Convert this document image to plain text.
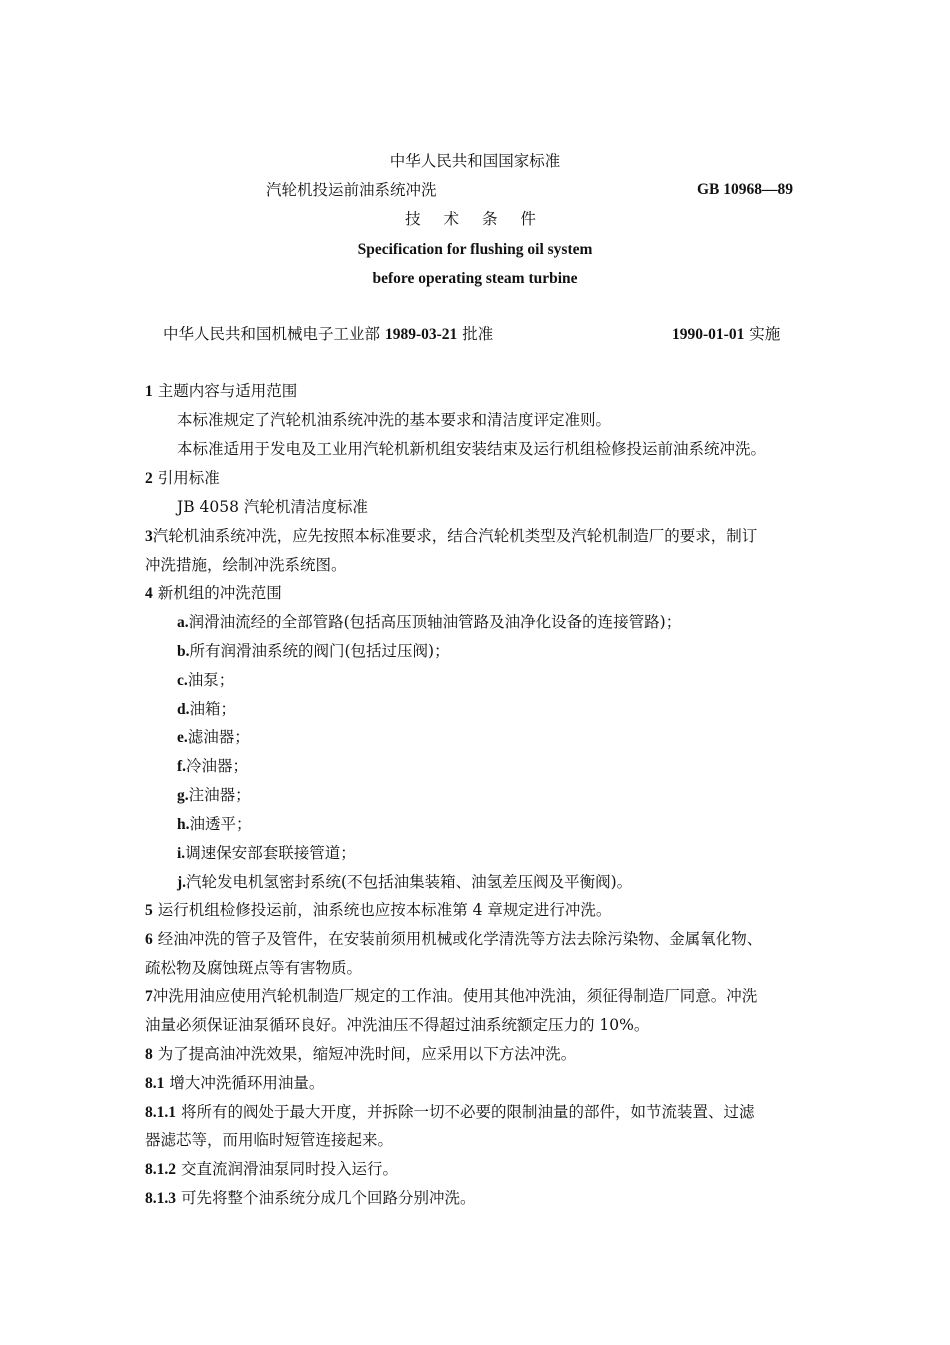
中华人民共和国国家标准
汽轮机投运前油系统冲洗	GB 10968—89
技 术 条 件
Specification for flushing oil system
before operating steam turbine
中华人民共和国机械电子工业部 1989-03-21 批准	1990-01-01 实施
1 主题内容与适用范围
本标准规定了汽轮机油系统冲洗的基本要求和清洁度评定准则。
本标准适用于发电及工业用汽轮机新机组安装结束及运行机组检修投运前油系统冲洗。
2 引用标准
JB 4058 汽轮机清洁度标准
3汽轮机油系统冲洗，应先按照本标准要求，结合汽轮机类型及汽轮机制造厂的要求，制订
冲洗措施，绘制冲洗系统图。
4 新机组的冲洗范围
a.润滑油流经的全部管路(包括高压顶轴油管路及油净化设备的连接管路)；
b.所有润滑油系统的阀门(包括过压阀)；
c.油泵；
d.油箱；
e.滤油器；
f.冷油器；
g.注油器；
h.油透平；
i.调速保安部套联接管道；
j.汽轮发电机氢密封系统(不包括油集装箱、油氢差压阀及平衡阀)。
5 运行机组检修投运前，油系统也应按本标准第 4 章规定进行冲洗。
6 经油冲洗的管子及管件，在安装前须用机械或化学清洗等方法去除污染物、金属氧化物、
疏松物及腐蚀斑点等有害物质。
7冲洗用油应使用汽轮机制造厂规定的工作油。使用其他冲洗油，须征得制造厂同意。冲洗
油量必须保证油泵循环良好。冲洗油压不得超过油系统额定压力的 10%。
8 为了提高油冲洗效果，缩短冲洗时间，应采用以下方法冲洗。
8.1 增大冲洗循环用油量。
8.1.1 将所有的阀处于最大开度，并拆除一切不必要的限制油量的部件，如节流装置、过滤
器滤芯等，而用临时短管连接起来。
8.1.2 交直流润滑油泵同时投入运行。
8.1.3 可先将整个油系统分成几个回路分别冲洗。
